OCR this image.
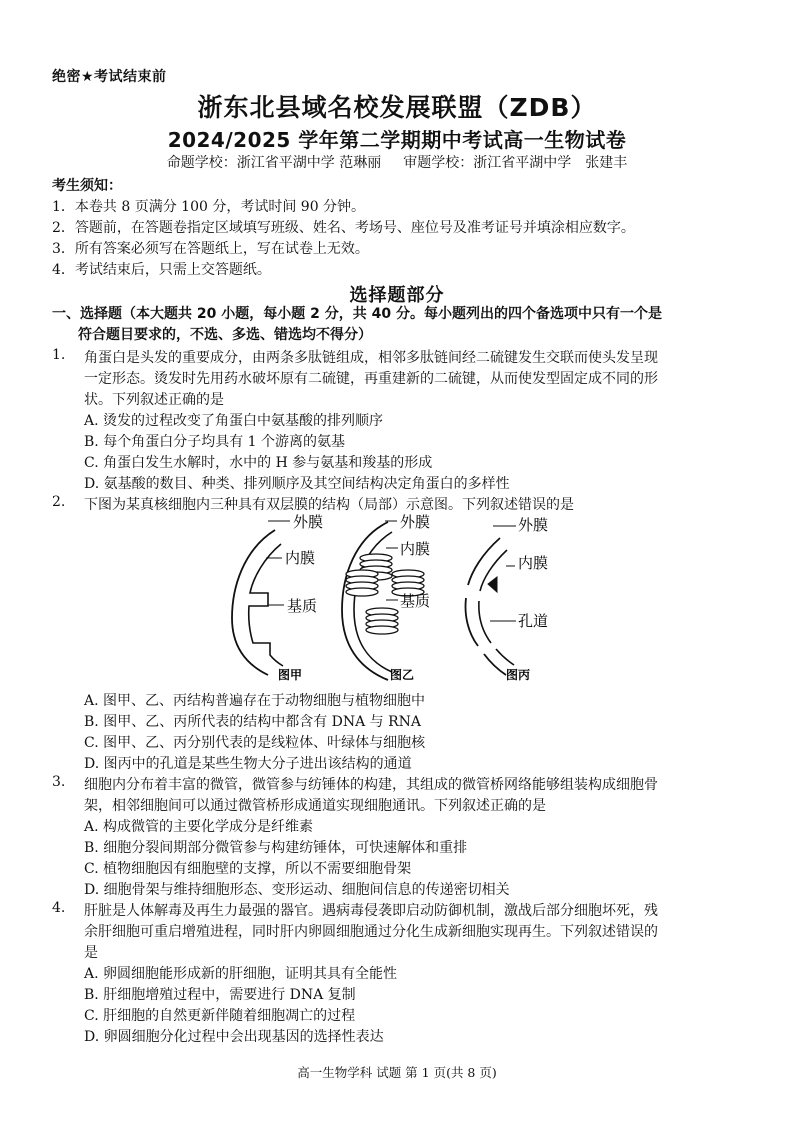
绝密★考试结束前
浙东北县域名校发展联盟（ZDB）
2024/2025 学年第二学期期中考试高一生物试卷
命题学校：浙江省平湖中学 范琳丽 审题学校：浙江省平湖中学　张建丰
考生须知：
1．本卷共 8 页满分 100 分，考试时间 90 分钟。
2．答题前，在答题卷指定区域填写班级、姓名、考场号、座位号及准考证号并填涂相应数字。
3．所有答案必须写在答题纸上，写在试卷上无效。
4．考试结束后，只需上交答题纸。
选择题部分
一、选择题（本大题共 20 小题，每小题 2 分，共 40 分。每小题列出的四个备选项中只有一个是
符合题目要求的，不选、多选、错选均不得分）
1. 角蛋白是头发的重要成分，由两条多肽链组成，相邻多肽链间经二硫键发生交联而使头发呈现
一定形态。烫发时先用药水破坏原有二硫键，再重建新的二硫键，从而使发型固定成不同的形
状。下列叙述正确的是
A. 烫发的过程改变了角蛋白中氨基酸的排列顺序
B. 每个角蛋白分子均具有 1 个游离的氨基
C. 角蛋白发生水解时，水中的 H 参与氨基和羧基的形成
D. 氨基酸的数目、种类、排列顺序及其空间结构决定角蛋白的多样性
2. 下图为某真核细胞内三种具有双层膜的结构（局部）示意图。下列叙述错误的是
外膜
内膜
基质
图甲
外膜
内膜
基质
图乙
外膜
内膜
孔道
图丙
A. 图甲、乙、丙结构普遍存在于动物细胞与植物细胞中
B. 图甲、乙、丙所代表的结构中都含有 DNA 与 RNA
C. 图甲、乙、丙分别代表的是线粒体、叶绿体与细胞核
D. 图丙中的孔道是某些生物大分子进出该结构的通道
3. 细胞内分布着丰富的微管，微管参与纺锤体的构建，其组成的微管桥网络能够组装构成细胞骨
架，相邻细胞间可以通过微管桥形成通道实现细胞通讯。下列叙述正确的是
A. 构成微管的主要化学成分是纤维素
B. 细胞分裂间期部分微管参与构建纺锤体，可快速解体和重排
C. 植物细胞因有细胞壁的支撑，所以不需要细胞骨架
D. 细胞骨架与维持细胞形态、变形运动、细胞间信息的传递密切相关
4. 肝脏是人体解毒及再生力最强的器官。遇病毒侵袭即启动防御机制，激战后部分细胞坏死，残
余肝细胞可重启增殖进程，同时肝内卵圆细胞通过分化生成新细胞实现再生。下列叙述错误的
是
A. 卵圆细胞能形成新的肝细胞，证明其具有全能性
B. 肝细胞增殖过程中，需要进行 DNA 复制
C. 肝细胞的自然更新伴随着细胞凋亡的过程
D. 卵圆细胞分化过程中会出现基因的选择性表达
高一生物学科 试题 第 1 页(共 8 页)
